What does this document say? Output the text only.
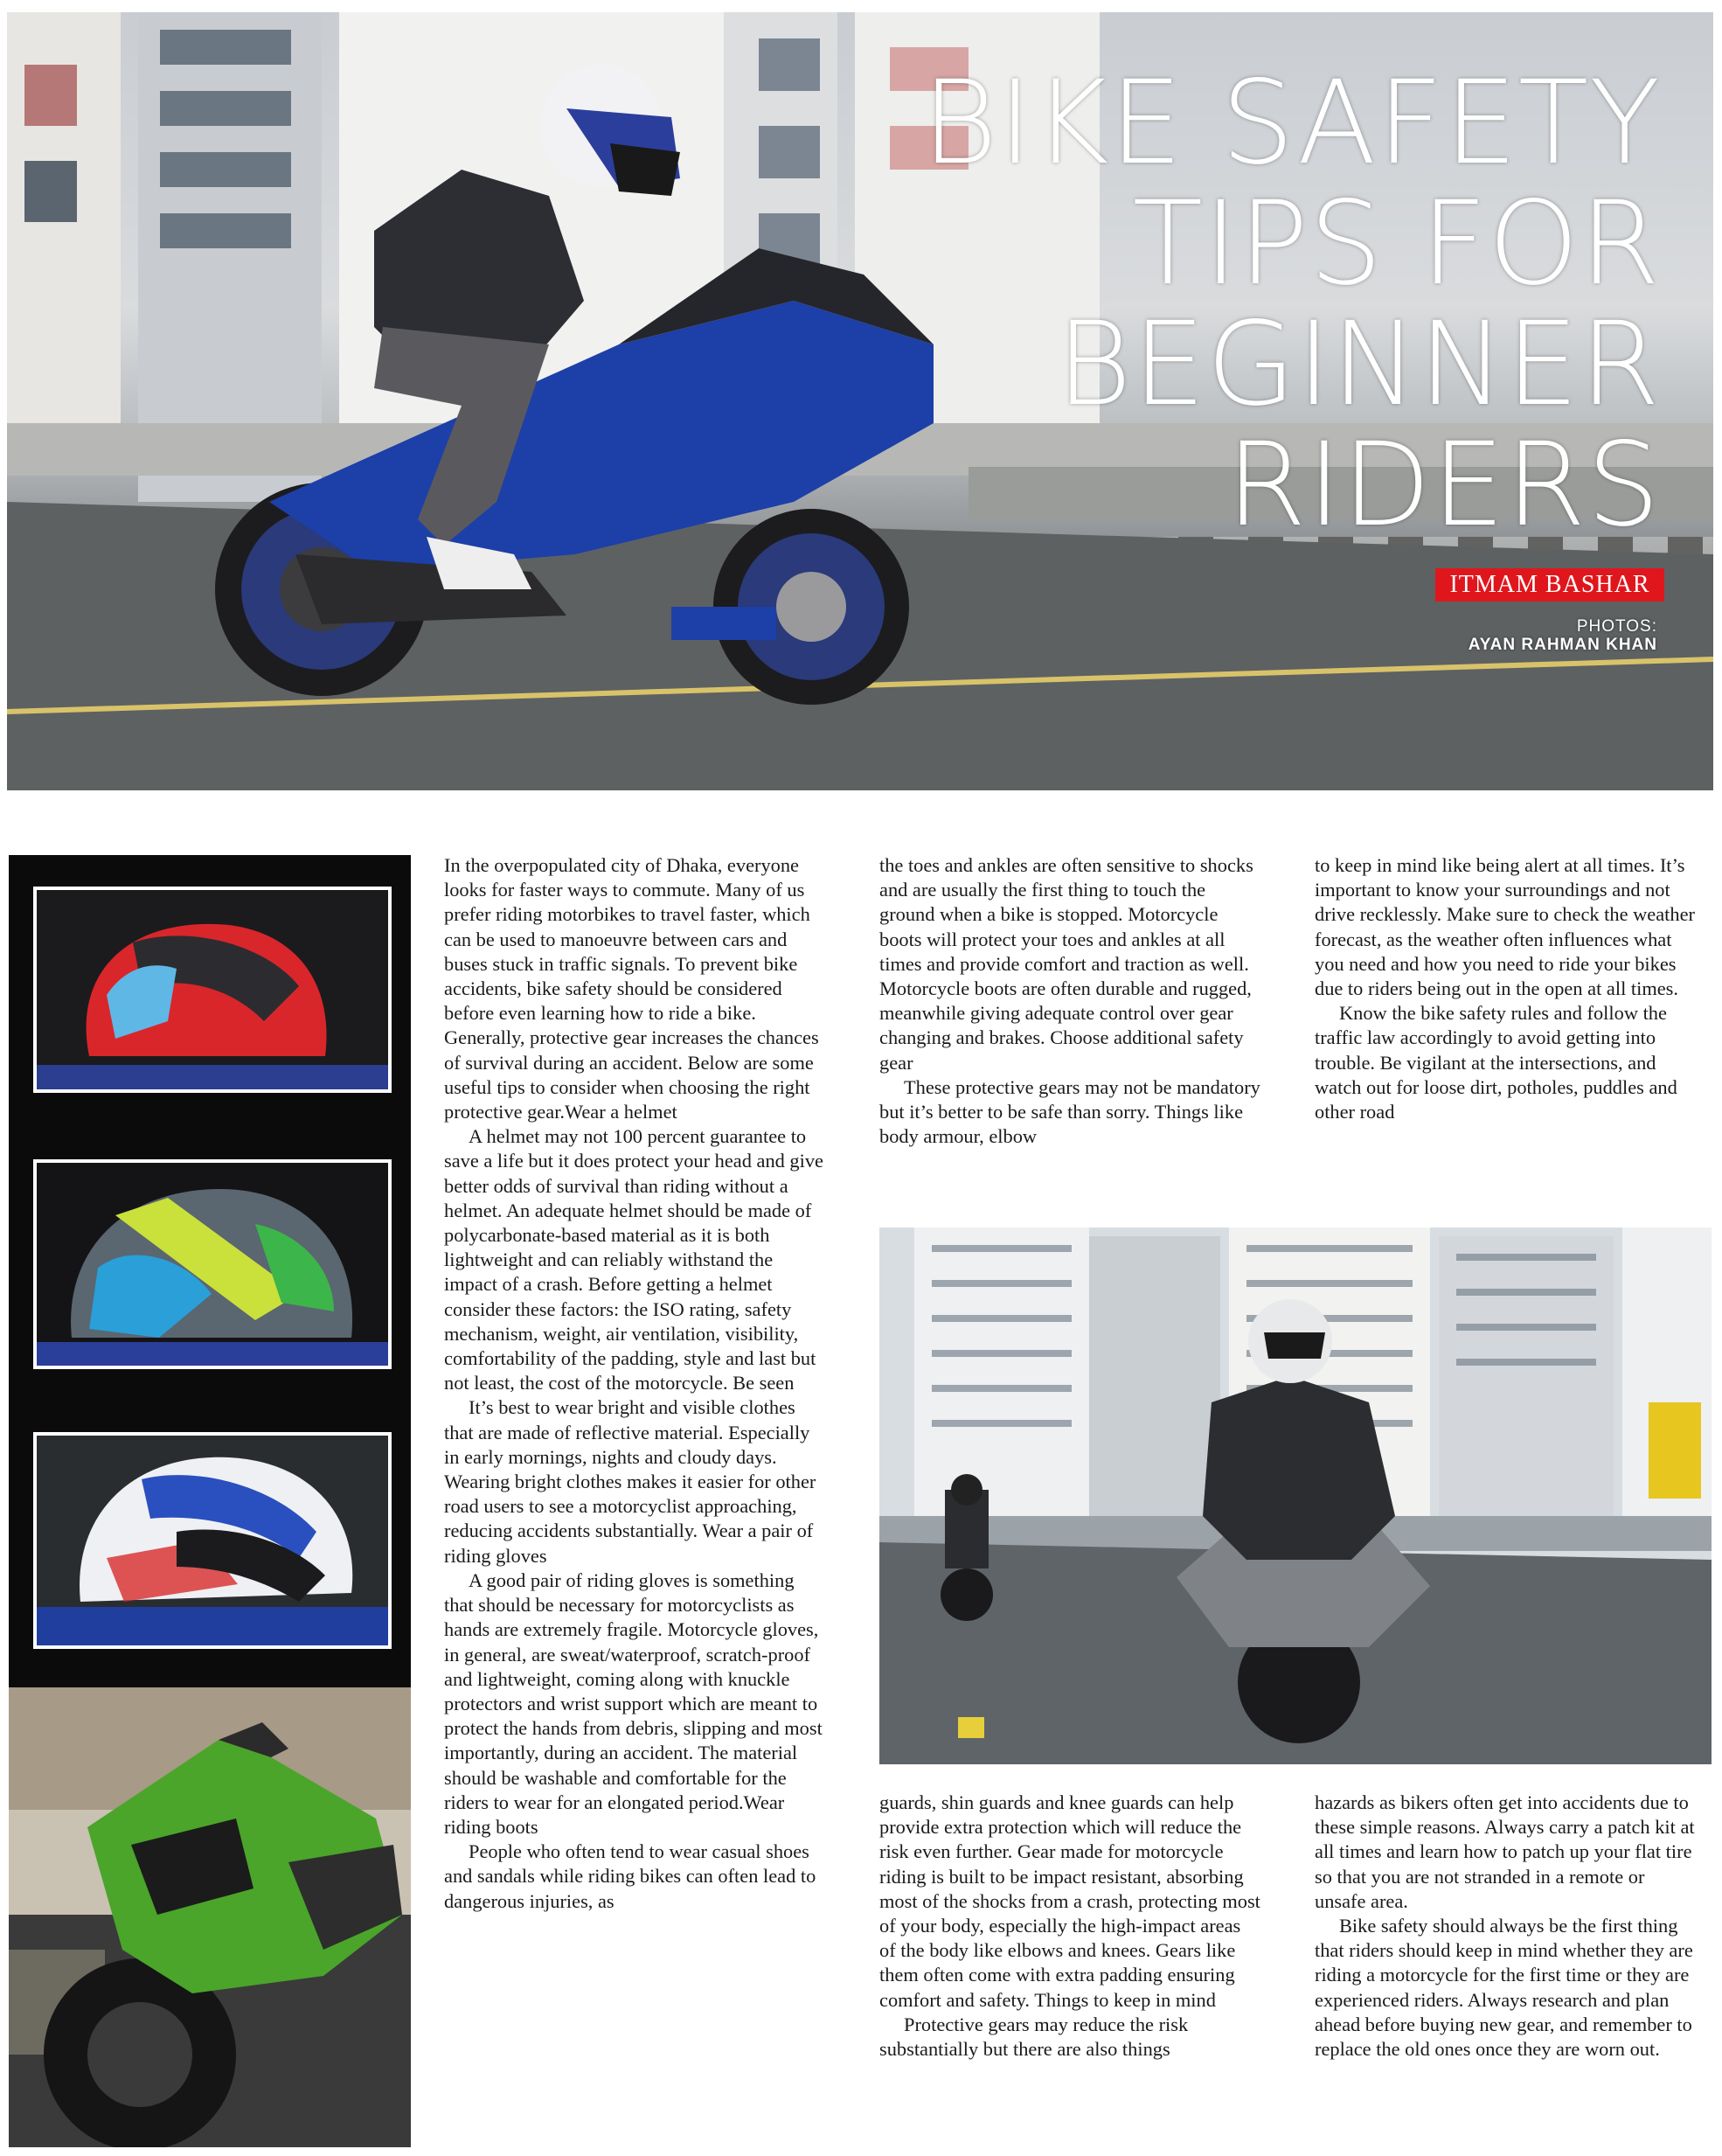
BIKE SAFETY
TIPS FOR
BEGINNER
RIDERS
ITMAM BASHAR
PHOTOS:
AYAN RAHMAN KHAN

In the overpopulated city of Dhaka, everyone looks for faster ways to commute. Many of us prefer riding motorbikes to travel faster, which can be used to manoeuvre between cars and buses stuck in traffic signals. To prevent bike accidents, bike safety should be considered before even learning how to ride a bike. Generally, protective gear increases the chances of survival during an accident. Below are some useful tips to consider when choosing the right protective gear.Wear a helmet

A helmet may not 100 percent guarantee to save a life but it does protect your head and give better odds of survival than riding without a helmet. An adequate helmet should be made of polycarbonate-based material as it is both lightweight and can reliably withstand the impact of a crash. Before getting a helmet consider these factors: the ISO rating, safety mechanism, weight, air ventilation, visibility, comfortability of the padding, style and last but not least, the cost of the motorcycle. Be seen

It’s best to wear bright and visible clothes that are made of reflective material. Especially in early mornings, nights and cloudy days. Wearing bright clothes makes it easier for other road users to see a motorcyclist approaching, reducing accidents substantially. Wear a pair of riding gloves

A good pair of riding gloves is something that should be necessary for motorcyclists as hands are extremely fragile. Motorcycle gloves, in general, are sweat/waterproof, scratch-proof and lightweight, coming along with knuckle protectors and wrist support which are meant to protect the hands from debris, slipping and most importantly, during an accident. The material should be washable and comfortable for the riders to wear for an elongated period.Wear riding boots

People who often tend to wear casual shoes and sandals while riding bikes can often lead to dangerous injuries, as

the toes and ankles are often sensitive to shocks and are usually the first thing to touch the ground when a bike is stopped. Motorcycle boots will protect your toes and ankles at all times and provide comfort and traction as well. Motorcycle boots are often durable and rugged, meanwhile giving adequate control over gear changing and brakes. Choose additional safety gear

These protective gears may not be mandatory but it’s better to be safe than sorry. Things like body armour, elbow

to keep in mind like being alert at all times. It’s important to know your surroundings and not drive recklessly. Make sure to check the weather forecast, as the weather often influences what you need and how you need to ride your bikes due to riders being out in the open at all times.

Know the bike safety rules and follow the traffic law accordingly to avoid getting into trouble. Be vigilant at the intersections, and watch out for loose dirt, potholes, puddles and other road

guards, shin guards and knee guards can help provide extra protection which will reduce the risk even further. Gear made for motorcycle riding is built to be impact resistant, absorbing most of the shocks from a crash, protecting most of your body, especially the high-impact areas of the body like elbows and knees. Gears like them often come with extra padding ensuring comfort and safety. Things to keep in mind

Protective gears may reduce the risk substantially but there are also things

hazards as bikers often get into accidents due to these simple reasons. Always carry a patch kit at all times and learn how to patch up your flat tire so that you are not stranded in a remote or unsafe area.

Bike safety should always be the first thing that riders should keep in mind whether they are riding a motorcycle for the first time or they are experienced riders. Always research and plan ahead before buying new gear, and remember to replace the old ones once they are worn out.
